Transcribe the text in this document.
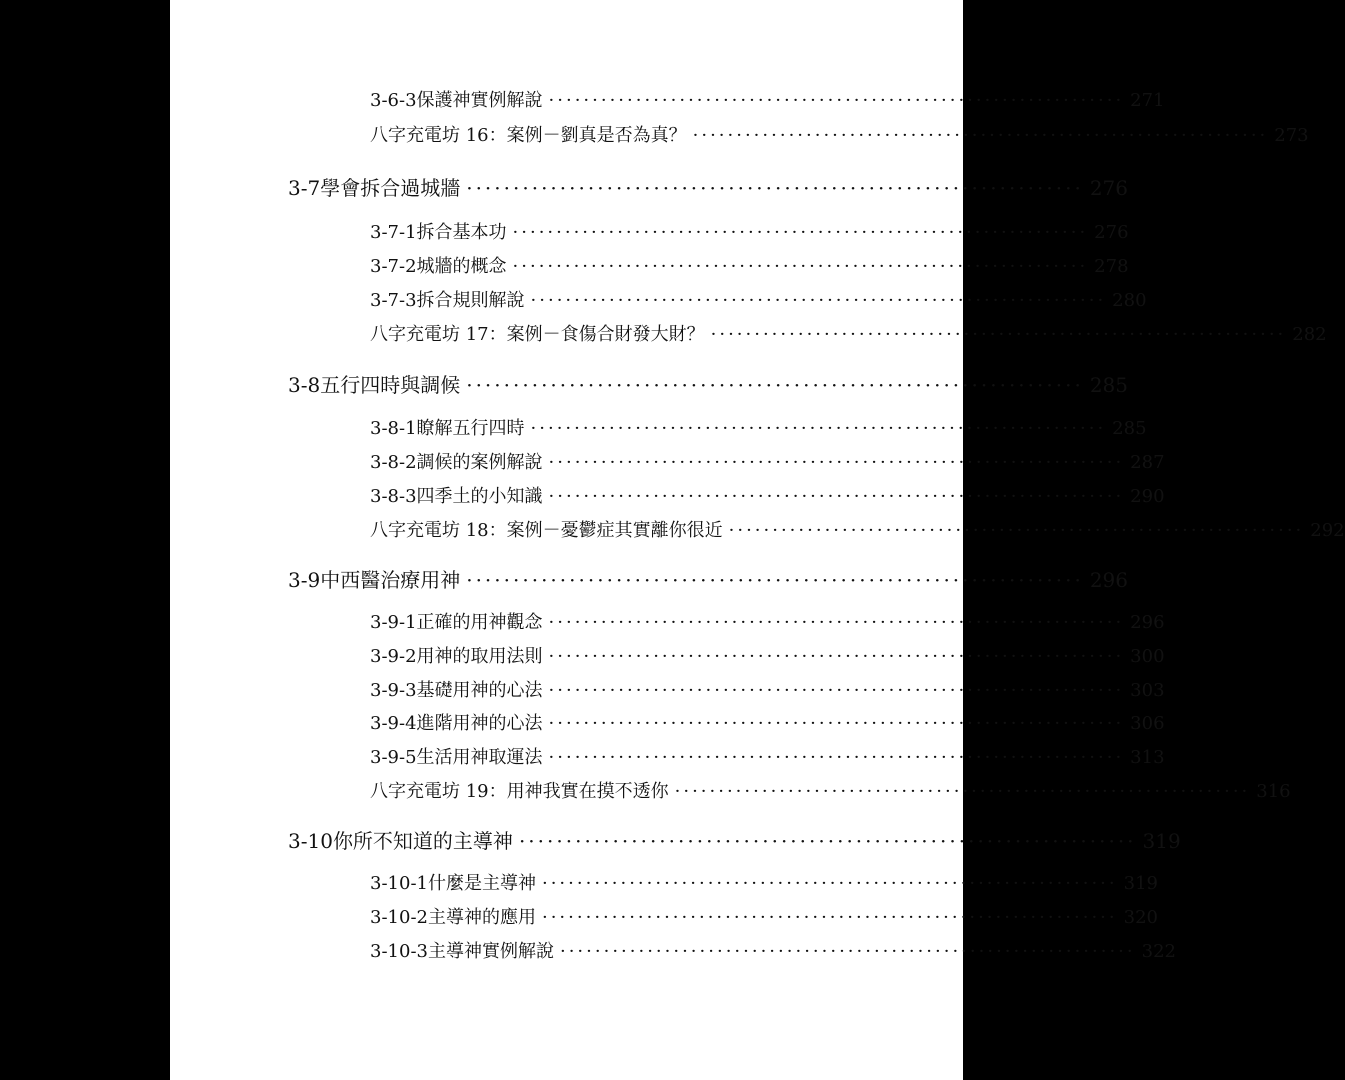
3-6-3 保護神實例解說 ·································································· 271
八字充電坊 16：案例－劉真是否為真？ ·································································· 273
3-7 學會拆合過城牆 ·································································· 276
3-7-1 拆合基本功 ·································································· 276
3-7-2 城牆的概念 ·································································· 278
3-7-3 拆合規則解說 ·································································· 280
八字充電坊 17：案例－食傷合財發大財？ ·································································· 282
3-8 五行四時與調候 ·································································· 285
3-8-1 瞭解五行四時 ·································································· 285
3-8-2 調候的案例解說 ·································································· 287
3-8-3 四季土的小知識 ·································································· 290
八字充電坊 18：案例－憂鬱症其實離你很近 ·································································· 292
3-9 中西醫治療用神 ·································································· 296
3-9-1 正確的用神觀念 ·································································· 296
3-9-2 用神的取用法則 ·································································· 300
3-9-3 基礎用神的心法 ·································································· 303
3-9-4 進階用神的心法 ·································································· 306
3-9-5 生活用神取運法 ·································································· 313
八字充電坊 19：用神我實在摸不透你 ·································································· 316
3-10 你所不知道的主導神 ·································································· 319
3-10-1 什麼是主導神 ·································································· 319
3-10-2 主導神的應用 ·································································· 320
3-10-3 主導神實例解說 ·································································· 322
